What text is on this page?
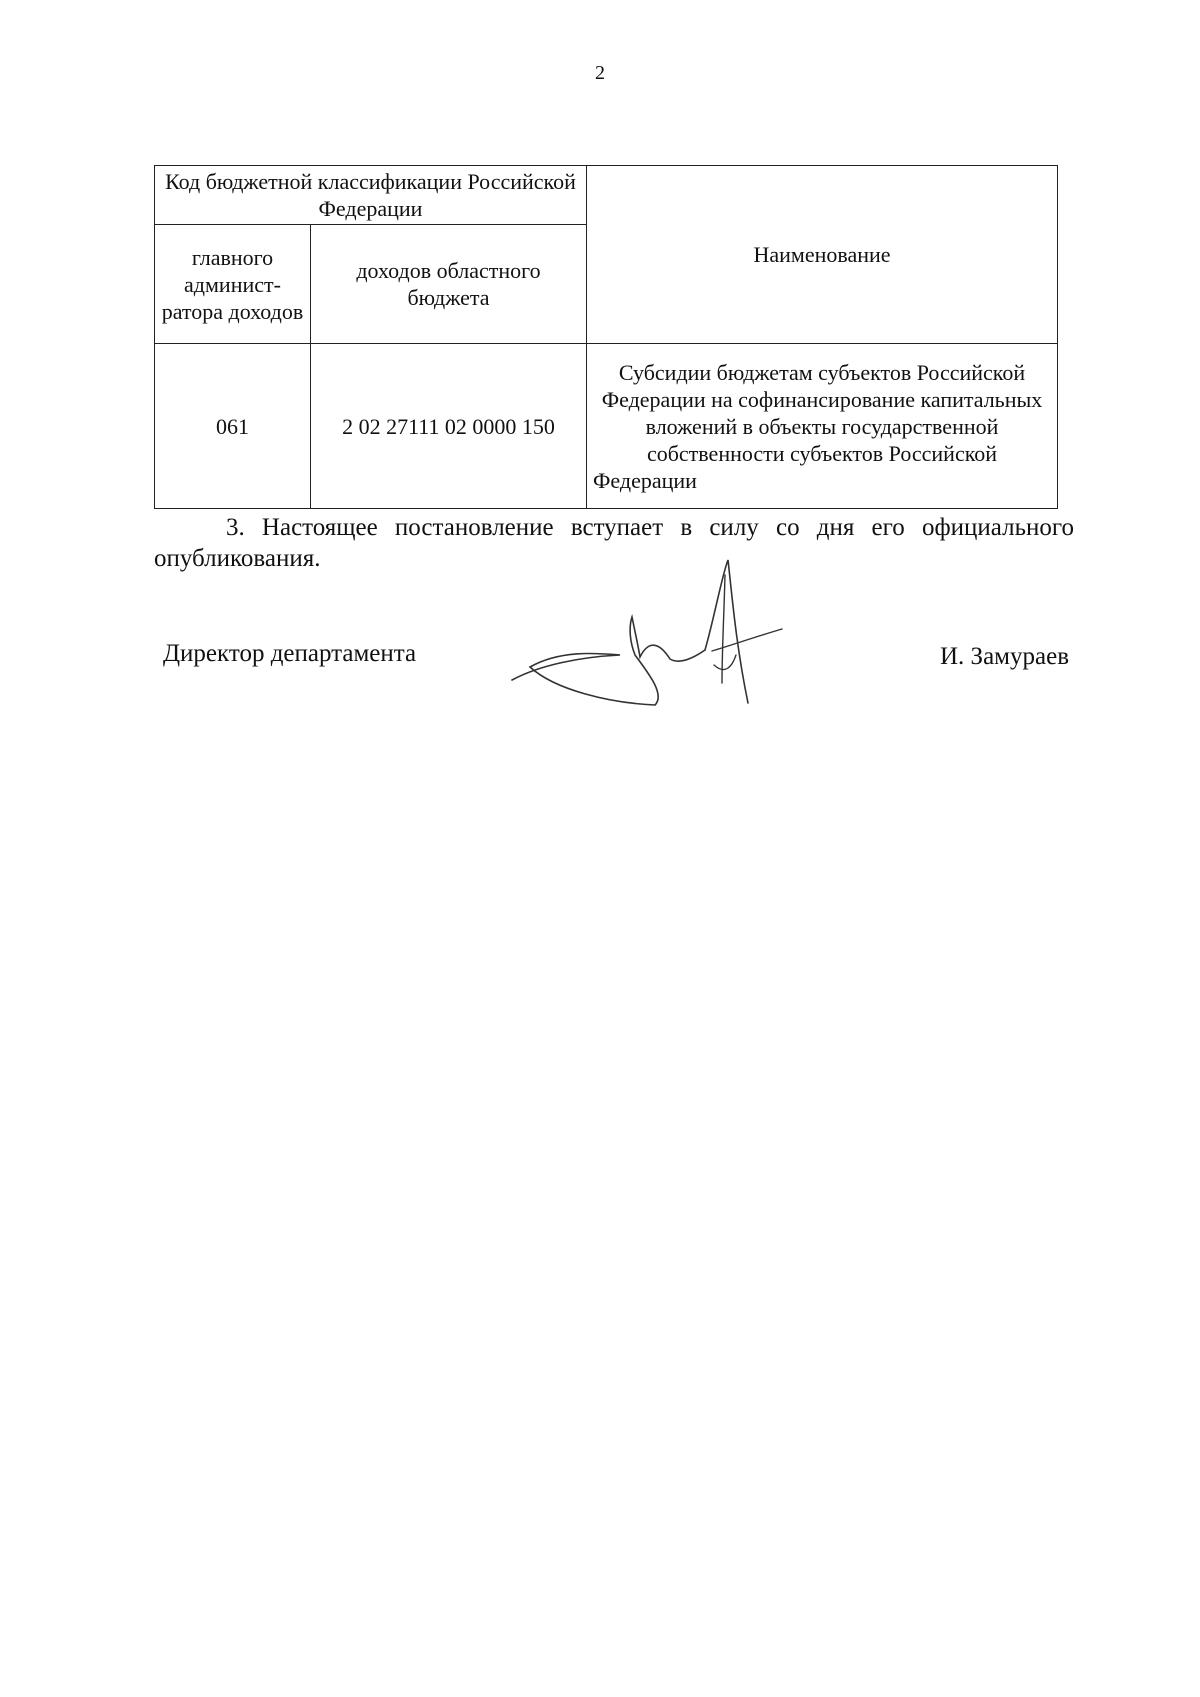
2
Код бюджетной классификации Российской Федерации		Наименование
главного админист-ратора доходов	доходов областного бюджета	
061	2 02 27111 02 0000 150	Субсидии бюджетам субъектов Российской Федерации на софинансирование капитальных вложений в объекты государственной собственности субъектов Российской Федерации
3. Настоящее постановление вступает в силу со дня его официального опубликования.
Директор департамента	И. Замураев
